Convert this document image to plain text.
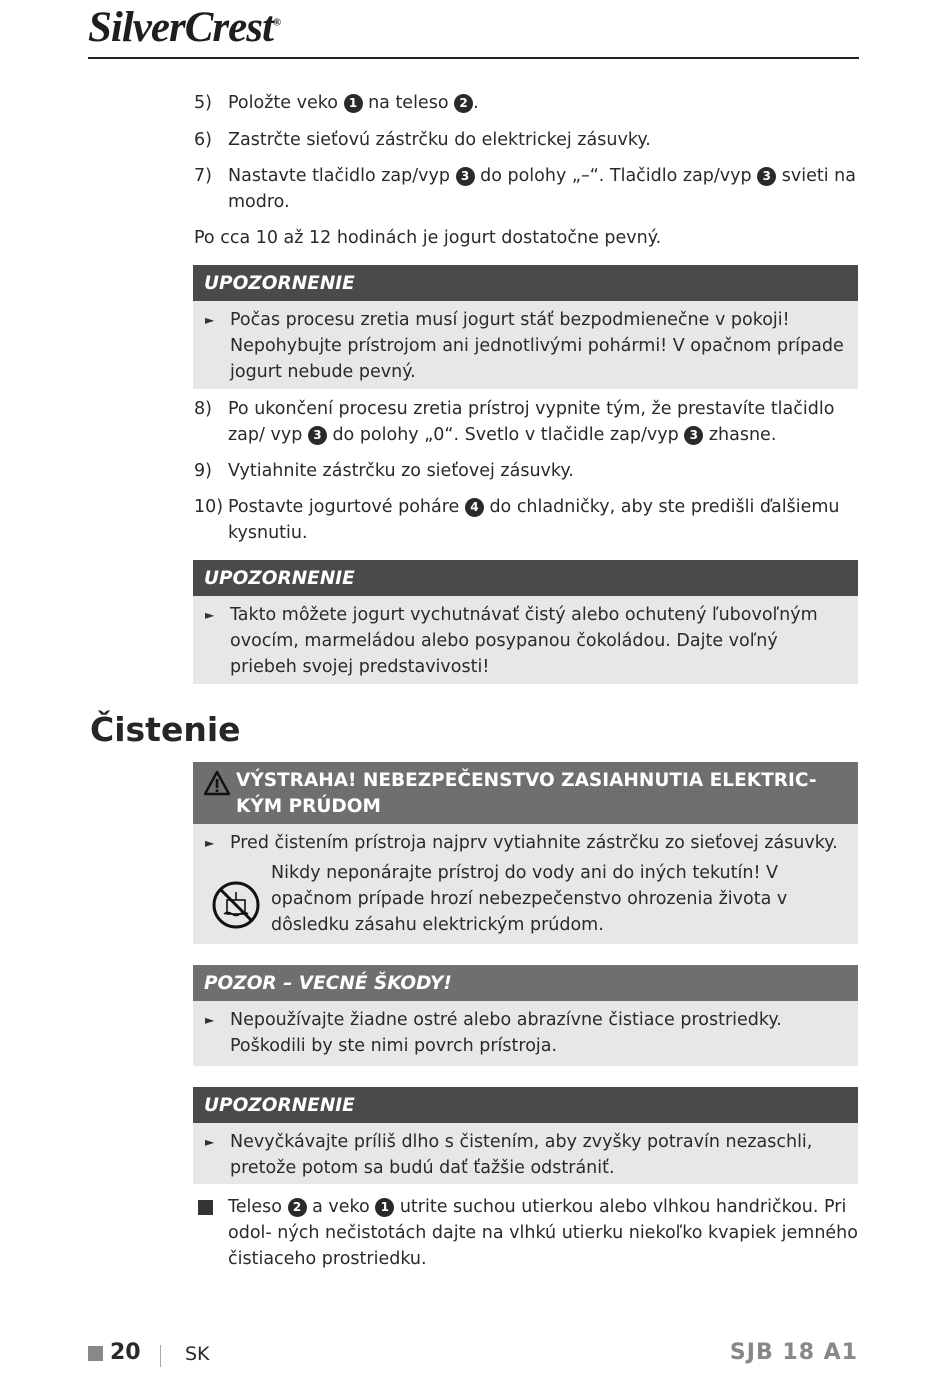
SilverCrest®
5) Položte veko 1 na teleso 2 .
6) Zastrčte sieťovú zástrčku do elektrickej zásuvky.
7) Nastavte tlačidlo zap/vyp 3 do polohy „–“. Tlačidlo zap/vyp 3 svieti na modro.
Po cca 10 až 12 hodinách je jogurt dostatočne pevný.
UPOZORNENIE
► Počas procesu zretia musí jogurt stáť bezpodmienečne v pokoji! Nepohybujte prístrojom ani jednotlivými pohármi! V opačnom prípade jogurt nebude pevný.
8) Po ukončení procesu zretia prístroj vypnite tým, že prestavíte tlačidlo zap/ vyp 3 do polohy „0“. Svetlo v tlačidle zap/vyp 3 zhasne.
9) Vytiahnite zástrčku zo sieťovej zásuvky.
10) Postavte jogurtové poháre 4 do chladničky, aby ste predišli ďalšiemu kysnutiu.
UPOZORNENIE
► Takto môžete jogurt vychutnávať čistý alebo ochutený ľubovoľným ovocím, marmeládou alebo posypanou čokoládou. Dajte voľný priebeh svojej predstavivosti!
Čistenie
VÝSTRAHA! NEBEZPEČENSTVO ZASIAHNUTIA ELEKTRIC- KÝM PRÚDOM
► Pred čistením prístroja najprv vytiahnite zástrčku zo sieťovej zásuvky.
Nikdy neponárajte prístroj do vody ani do iných tekutín! V opačnom prípade hrozí nebezpečenstvo ohrozenia života v dôsledku zásahu elektrickým prúdom.
POZOR – VECNÉ ŠKODY!
► Nepoužívajte žiadne ostré alebo abrazívne čistiace prostriedky. Poškodili by ste nimi povrch prístroja.
UPOZORNENIE
► Nevyčkávajte príliš dlho s čistením, aby zvyšky potravín nezaschli, pretože potom sa budú dať ťažšie odstrániť.
Teleso 2 a veko 1 utrite suchou utierkou alebo vlhkou handričkou. Pri odol- ných nečistotách dajte na vlhkú utierku niekoľko kvapiek jemného čistiaceho prostriedku.
20 SK	SJB 18 A1
